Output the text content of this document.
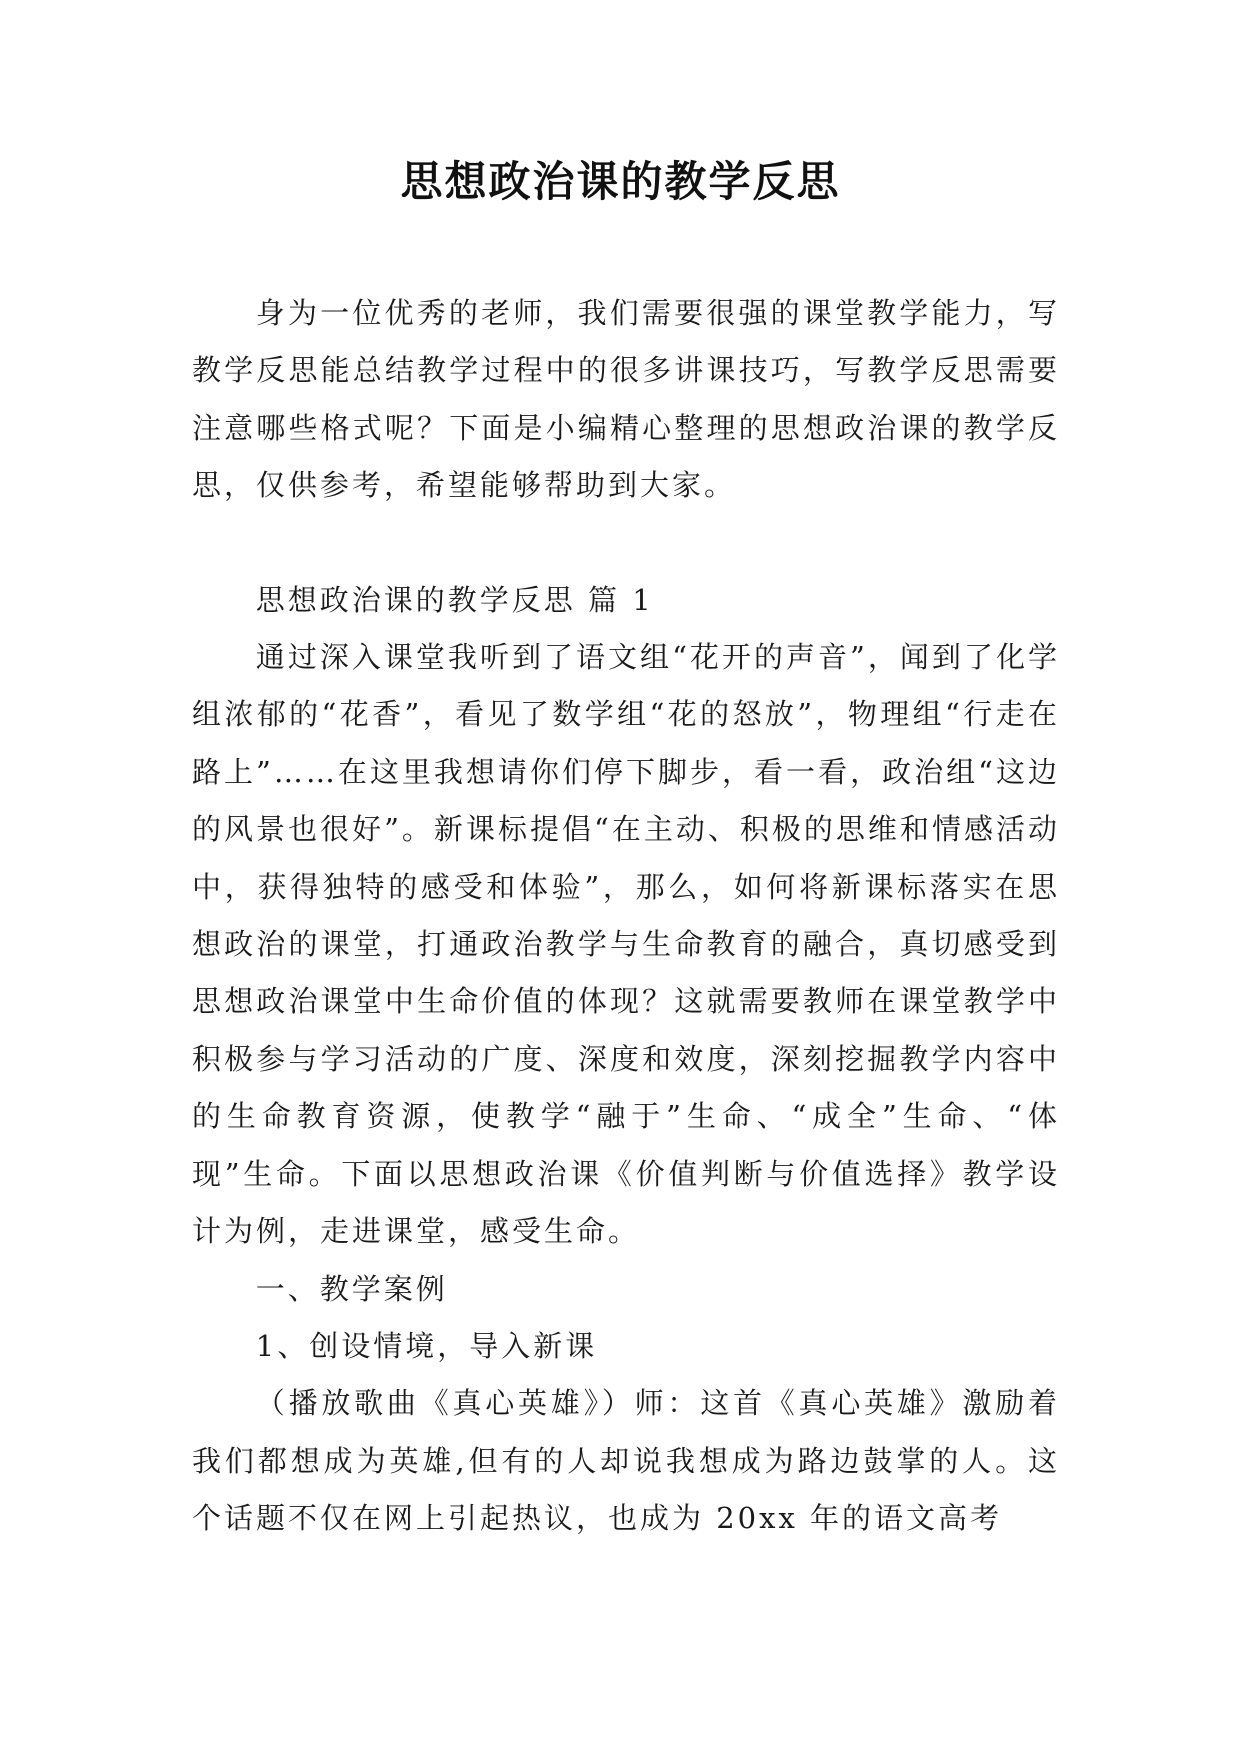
思想政治课的教学反思

身为一位优秀的老师，我们需要很强的课堂教学能力，写教学反思能总结教学过程中的很多讲课技巧，写教学反思需要注意哪些格式呢？下面是小编精心整理的思想政治课的教学反思，仅供参考，希望能够帮助到大家。

思想政治课的教学反思 篇 1

通过深入课堂我听到了语文组“花开的声音”，闻到了化学组浓郁的“花香”，看见了数学组“花的怒放”，物理组“行走在路上”……在这里我想请你们停下脚步，看一看，政治组“这边的风景也很好”。新课标提倡“在主动、积极的思维和情感活动中，获得独特的感受和体验”，那么，如何将新课标落实在思想政治的课堂，打通政治教学与生命教育的融合，真切感受到思想政治课堂中生命价值的体现？这就需要教师在课堂教学中积极参与学习活动的广度、深度和效度，深刻挖掘教学内容中的生命教育资源，使教学“融于”生命、“成全”生命、“体现”生命。下面以思想政治课《价值判断与价值选择》教学设计为例，走进课堂，感受生命。

一、教学案例

1、创设情境，导入新课

（播放歌曲《真心英雄》）师：这首《真心英雄》激励着我们都想成为英雄,但有的人却说我想成为路边鼓掌的人。这个话题不仅在网上引起热议，也成为 20xx 年的语文高考
